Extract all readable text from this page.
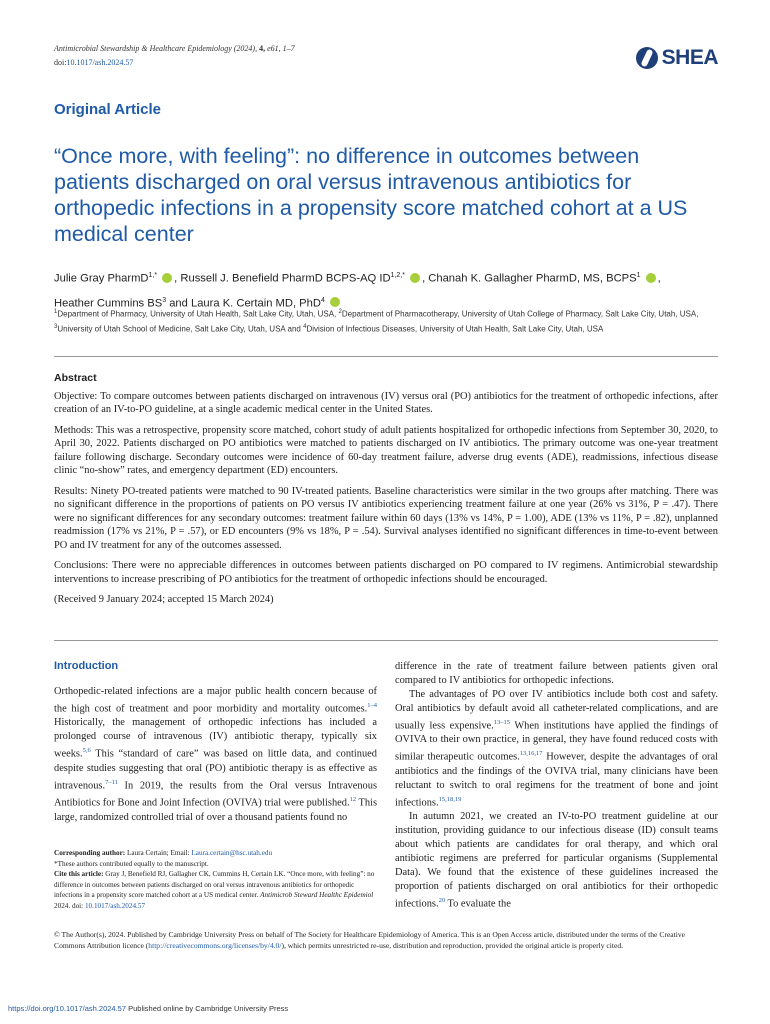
Antimicrobial Stewardship & Healthcare Epidemiology (2024), 4, e61, 1–7
doi:10.1017/ash.2024.57	SHEA
Original Article
“Once more, with feeling”: no difference in outcomes between patients discharged on oral versus intravenous antibiotics for orthopedic infections in a propensity score matched cohort at a US medical center
Julie Gray PharmD$^{1,*}$ , Russell J. Benefield PharmD BCPS-AQ $ID^{1,2,*}$ , Chanah K. Gallagher PharmD, MS, BCPS$^1$ ,
Heather Cummins $BS^3$ and Laura K. Certain MD, PhD$^4$
$^1$Department of Pharmacy, University of Utah Health, Salt Lake City, Utah, USA, $^2$Department of Pharmacotherapy, University of Utah College of Pharmacy, Salt Lake City, Utah, USA, $^3$University of Utah School of Medicine, Salt Lake City, Utah, USA and $^4$Division of Infectious Diseases, University of Utah Health, Salt Lake City, Utah, USA
Abstract

Objective: To compare outcomes between patients discharged on intravenous (IV) versus oral (PO) antibiotics for the treatment of orthopedic infections, after creation of an IV-to-PO guideline, at a single academic medical center in the United States.

Methods: This was a retrospective, propensity score matched, cohort study of adult patients hospitalized for orthopedic infections from September 30, 2020, to April 30, 2022. Patients discharged on PO antibiotics were matched to patients discharged on IV antibiotics. The primary outcome was one-year treatment failure following discharge. Secondary outcomes were incidence of 60-day treatment failure, adverse drug events (ADE), readmissions, infectious disease clinic “no-show” rates, and emergency department (ED) encounters.

Results: Ninety PO-treated patients were matched to 90 IV-treated patients. Baseline characteristics were similar in the two groups after matching. There was no significant difference in the proportions of patients on PO versus IV antibiotics experiencing treatment failure at one year (26% vs 31%, P = .47). There were no significant differences for any secondary outcomes: treatment failure within 60 days (13% vs 14%, P = 1.00), ADE (13% vs 11%, P = .82), unplanned readmission (17% vs 21%, P = .57), or ED encounters (9% vs 18%, P = .54). Survival analyses identified no significant differences in time-to-event between PO and IV treatment for any of the outcomes assessed.

Conclusions: There were no appreciable differences in outcomes between patients discharged on PO compared to IV regimens. Antimicrobial stewardship interventions to increase prescribing of PO antibiotics for the treatment of orthopedic infections should be encouraged.

(Received 9 January 2024; accepted 15 March 2024)

Introduction

Orthopedic-related infections are a major public health concern because of the high cost of treatment and poor morbidity and mortality outcomes.$^{1-4}$ Historically, the management of orthopedic infections has included a prolonged course of intravenous (IV) antibiotic therapy, typically six weeks.$^{5,6}$ This “standard of care” was based on little data, and continued despite studies suggesting that oral (PO) antibiotic therapy is as effective as intravenous.$^{7-11}$ In 2019, the results from the Oral versus Intravenous Antibiotics for Bone and Joint Infection (OVIVA) trial were published.$^{12}$ This large, randomized controlled trial of over a thousand patients found no

Corresponding author: Laura Certain; Email: Laura.certain@hsc.utah.edu

*These authors contributed equally to the manuscript.

Cite this article: Gray J, Benefield RJ, Gallagher CK, Cummins H, Certain LK. “Once more, with feeling”: no difference in outcomes between patients discharged on oral versus intravenous antibiotics for orthopedic infections in a propensity score matched cohort at a US medical center. Antimicrob Steward Healthc Epidemiol 2024. doi: 10.1017/ash.2024.57

difference in the rate of treatment failure between patients given oral compared to IV antibiotics for orthopedic infections.

The advantages of PO over IV antibiotics include both cost and safety. Oral antibiotics by default avoid all catheter-related complications, and are usually less expensive.$^{13-15}$ When institutions have applied the findings of OVIVA to their own practice, in general, they have found reduced costs with similar therapeutic outcomes.$^{13,16,17}$ However, despite the advantages of oral antibiotics and the findings of the OVIVA trial, many clinicians have been reluctant to switch to oral regimens for the treatment of bone and joint infections.$^{15,18,19}$

In autumn 2021, we created an IV-to-PO treatment guideline at our institution, providing guidance to our infectious disease (ID) consult teams about which patients are candidates for oral therapy, and which oral antibiotic regimens are preferred for particular organisms (Supplemental Data). We found that the existence of these guidelines increased the proportion of patients discharged on oral antibiotics for their orthopedic infections.$^{20}$ To evaluate the

© The Author(s), 2024. Published by Cambridge University Press on behalf of The Society for Healthcare Epidemiology of America. This is an Open Access article, distributed under the terms of the Creative Commons Attribution licence (http://creativecommons.org/licenses/by/4.0/), which permits unrestricted re-use, distribution and reproduction, provided the original article is properly cited.
https://doi.org/10.1017/ash.2024.57 Published online by Cambridge University Press
